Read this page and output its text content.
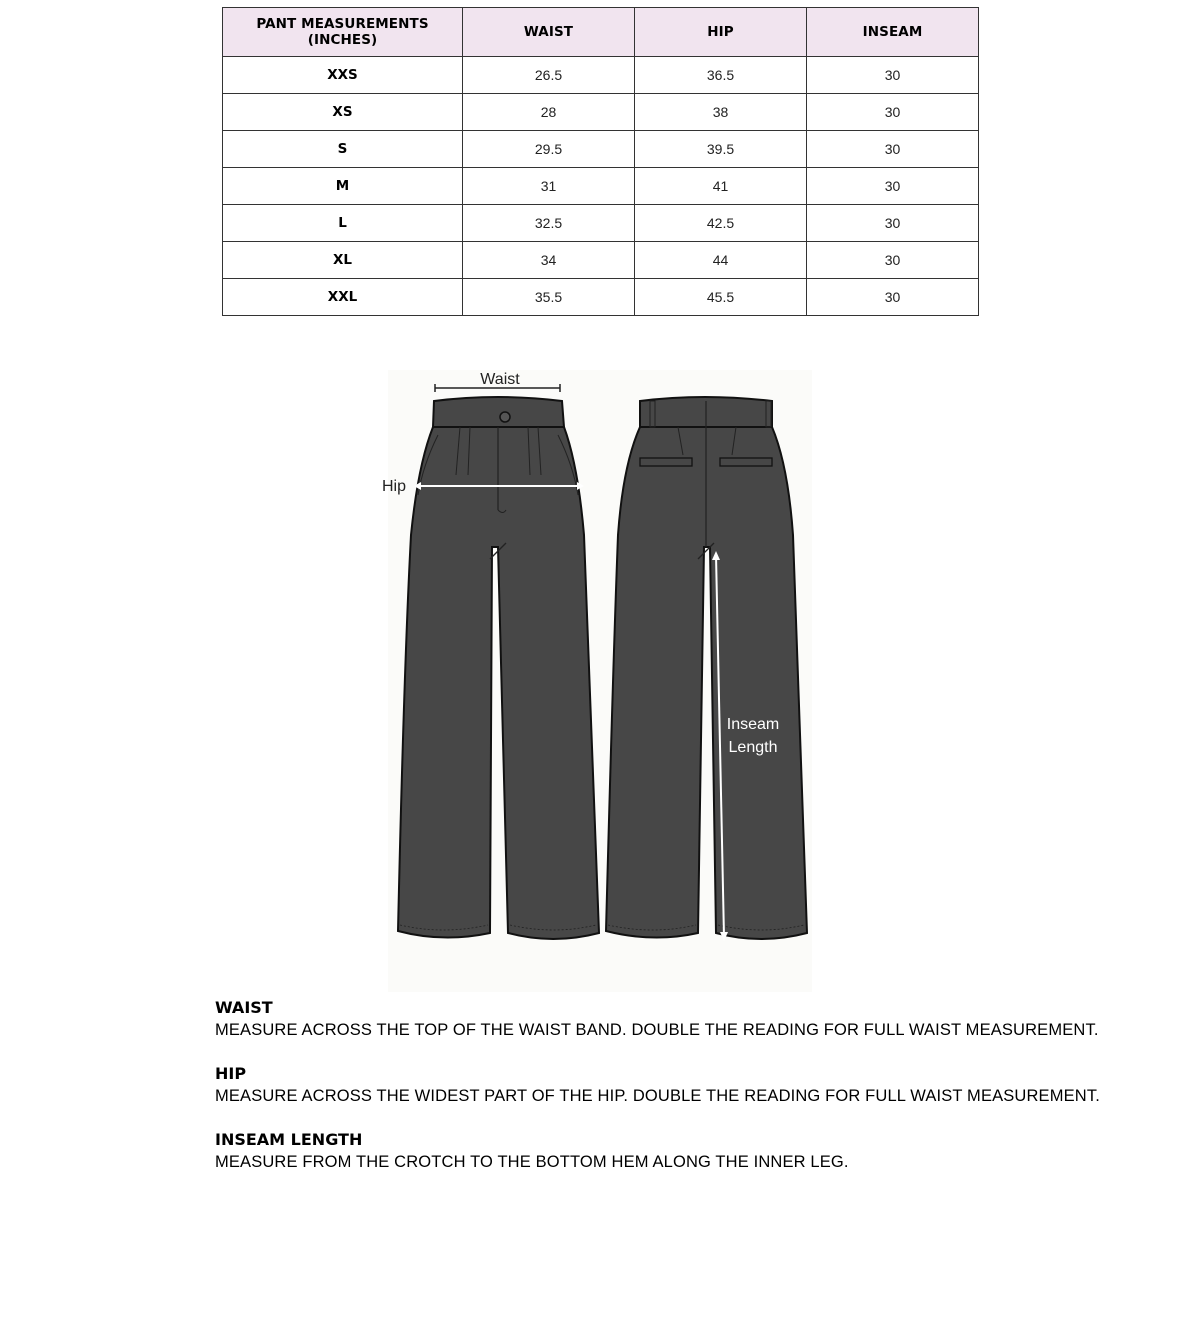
PANT MEASUREMENTS (INCHES)	WAIST	HIP	INSEAM
XXS	26.5	36.5	30
XS	28	38	30
S	29.5	39.5	30
M	31	41	30
L	32.5	42.5	30
XL	34	44	30
XXL	35.5	45.5	30
Waist
Hip
Inseam
Length
WAIST
MEASURE ACROSS THE TOP OF THE WAIST BAND. DOUBLE THE READING FOR FULL WAIST MEASUREMENT.
HIP
MEASURE ACROSS THE WIDEST PART OF THE HIP. DOUBLE THE READING FOR FULL WAIST MEASUREMENT.
INSEAM LENGTH
MEASURE FROM THE CROTCH TO THE BOTTOM HEM ALONG THE INNER LEG.
